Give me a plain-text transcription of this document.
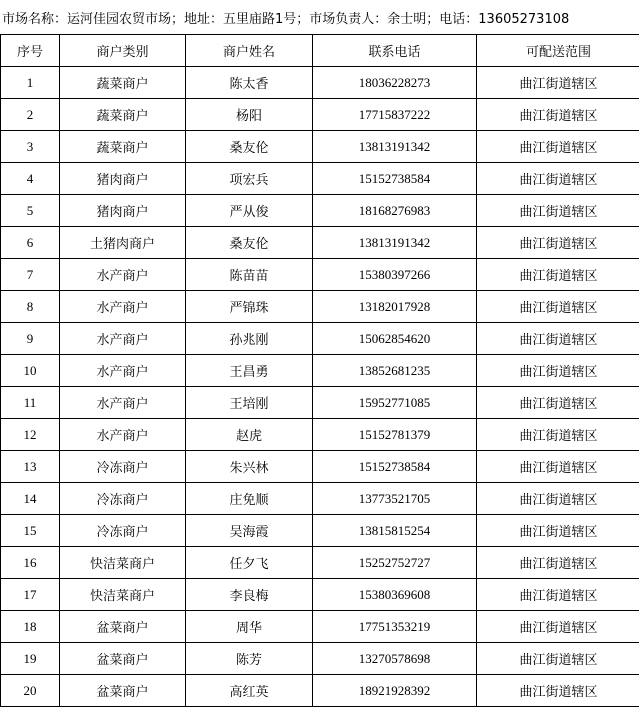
市场名称：运河佳园农贸市场；地址：五里庙路1号；市场负责人：余士明；电话：13605273108
序号	商户类别	商户姓名	联系电话	可配送范围
1	蔬菜商户	陈太香	18036228273	曲江街道辖区
2	蔬菜商户	杨阳	17715837222	曲江街道辖区
3	蔬菜商户	桑友伦	13813191342	曲江街道辖区
4	猪肉商户	项宏兵	15152738584	曲江街道辖区
5	猪肉商户	严从俊	18168276983	曲江街道辖区
6	土猪肉商户	桑友伦	13813191342	曲江街道辖区
7	水产商户	陈苗苗	15380397266	曲江街道辖区
8	水产商户	严锦珠	13182017928	曲江街道辖区
9	水产商户	孙兆刚	15062854620	曲江街道辖区
10	水产商户	王昌勇	13852681235	曲江街道辖区
11	水产商户	王培刚	15952771085	曲江街道辖区
12	水产商户	赵虎	15152781379	曲江街道辖区
13	冷冻商户	朱兴林	15152738584	曲江街道辖区
14	冷冻商户	庄免顺	13773521705	曲江街道辖区
15	冷冻商户	吴海霞	13815815254	曲江街道辖区
16	快洁菜商户	任夕飞	15252752727	曲江街道辖区
17	快洁菜商户	李良梅	15380369608	曲江街道辖区
18	盆菜商户	周华	17751353219	曲江街道辖区
19	盆菜商户	陈芳	13270578698	曲江街道辖区
20	盆菜商户	高红英	18921928392	曲江街道辖区
